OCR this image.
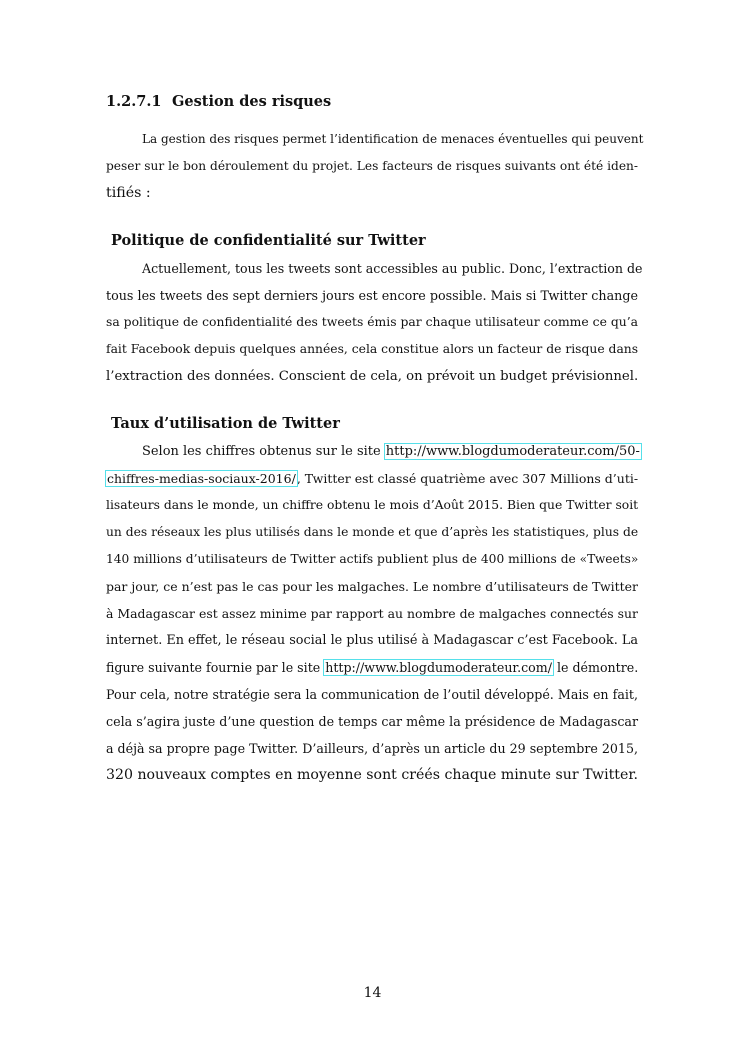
1.2.7.1 Gestion des risques
La gestion des risques permet l’identification de menaces éventuelles qui peuvent
peser sur le bon déroulement du projet. Les facteurs de risques suivants ont été iden-
tifiés :
Politique de confidentialité sur Twitter
Actuellement, tous les tweets sont accessibles au public. Donc, l’extraction de
tous les tweets des sept derniers jours est encore possible. Mais si Twitter change
sa politique de confidentialité des tweets émis par chaque utilisateur comme ce qu’a
fait Facebook depuis quelques années, cela constitue alors un facteur de risque dans
l’extraction des données. Conscient de cela, on prévoit un budget prévisionnel.
Taux d’utilisation de Twitter
Selon les chiffres obtenus sur le site http://www.blogdumoderateur.com/50-
chiffres-medias-sociaux-2016/, Twitter est classé quatrième avec 307 Millions d’uti-
lisateurs dans le monde, un chiffre obtenu le mois d’Août 2015. Bien que Twitter soit
un des réseaux les plus utilisés dans le monde et que d’après les statistiques, plus de
140 millions d’utilisateurs de Twitter actifs publient plus de 400 millions de «Tweets»
par jour, ce n’est pas le cas pour les malgaches. Le nombre d’utilisateurs de Twitter
à Madagascar est assez minime par rapport au nombre de malgaches connectés sur
internet. En effet, le réseau social le plus utilisé à Madagascar c’est Facebook. La
figure suivante fournie par le site http://www.blogdumoderateur.com/ le démontre.
Pour cela, notre stratégie sera la communication de l’outil développé. Mais en fait,
cela s’agira juste d’une question de temps car même la présidence de Madagascar
a déjà sa propre page Twitter. D’ailleurs, d’après un article du 29 septembre 2015,
320 nouveaux comptes en moyenne sont créés chaque minute sur Twitter.
14
